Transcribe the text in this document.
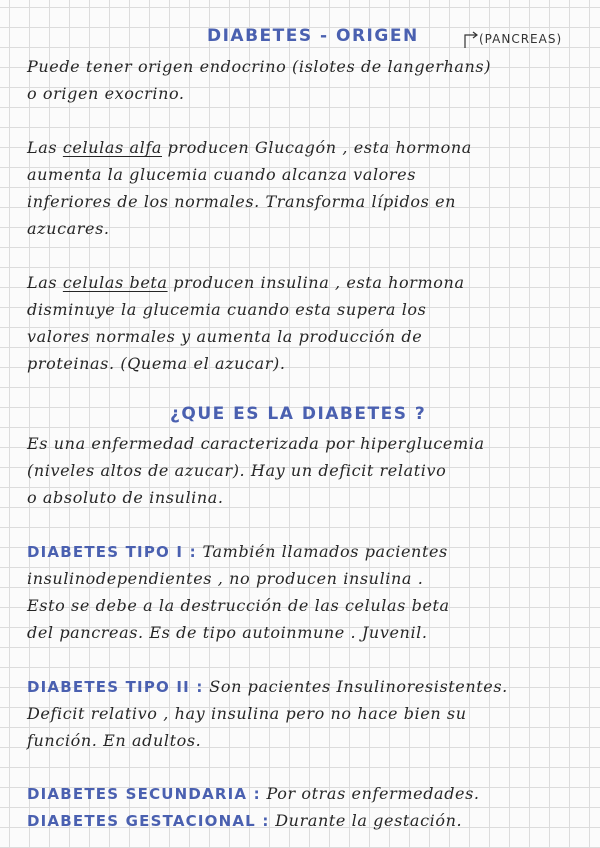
DIABETES - ORIGEN	(PANCREAS)
Puede tener origen endocrino (islotes de langerhans)
o origen exocrino.
Las celulas alfa producen Glucagón , esta hormona
aumenta la glucemia cuando alcanza valores
inferiores de los normales. Transforma lípidos en
azucares.
Las celulas beta producen insulina , esta hormona
disminuye la glucemia cuando esta supera los
valores normales y aumenta la producción de
proteinas. (Quema el azucar).
¿QUE ES LA DIABETES ?
Es una enfermedad caracterizada por hiperglucemia
(niveles altos de azucar). Hay un deficit relativo
o absoluto de insulina.
DIABETES TIPO I : También llamados pacientes
insulinodependientes , no producen insulina .
Esto se debe a la destrucción de las celulas beta
del pancreas. Es de tipo autoinmune . Juvenil.
DIABETES TIPO II : Son pacientes Insulinoresistentes.
Deficit relativo , hay insulina pero no hace bien su
función. En adultos.
DIABETES SECUNDARIA : Por otras enfermedades.
DIABETES GESTACIONAL : Durante la gestación.
